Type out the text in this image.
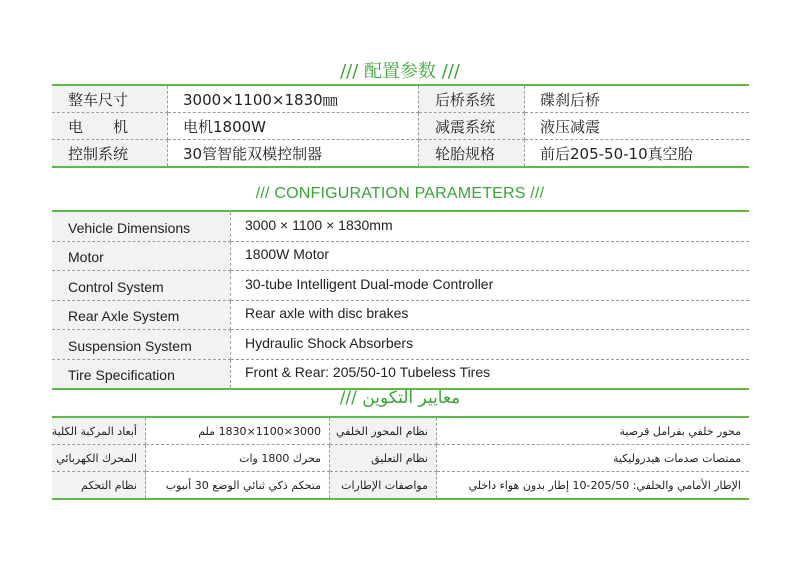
/// 配置参数 ///
整车尺寸	3000×1100×1830㎜	后桥系统	碟刹后桥
电　　机	电机1800W	减震系统	液压减震
控制系统	30管智能双模控制器	轮胎规格	前后205-50-10真空胎
/// CONFIGURATION PARAMETERS ///
Vehicle Dimensions	3000 × 1100 × 1830mm
Motor	1800W Motor
Control System	30-tube Intelligent Dual-mode Controller
Rear Axle System	Rear axle with disc brakes
Suspension System	Hydraulic Shock Absorbers
Tire Specification	Front & Rear: 205/50-10 Tubeless Tires
/// معايير التكوين
أبعاد المركبة الكلية	3000×1100×1830 ملم	نظام المحور الخلفي	محور خلفي بفرامل قرصية
المحرك الكهربائي	محرك 1800 وات	نظام التعليق	ممتصات صدمات هيدروليكية
نظام التحكم	متحكم ذكي ثنائي الوضع 30 أنبوب	مواصفات الإطارات	الإطار الأمامي والخلفي: 205/50-10 إطار بدون هواء داخلي
